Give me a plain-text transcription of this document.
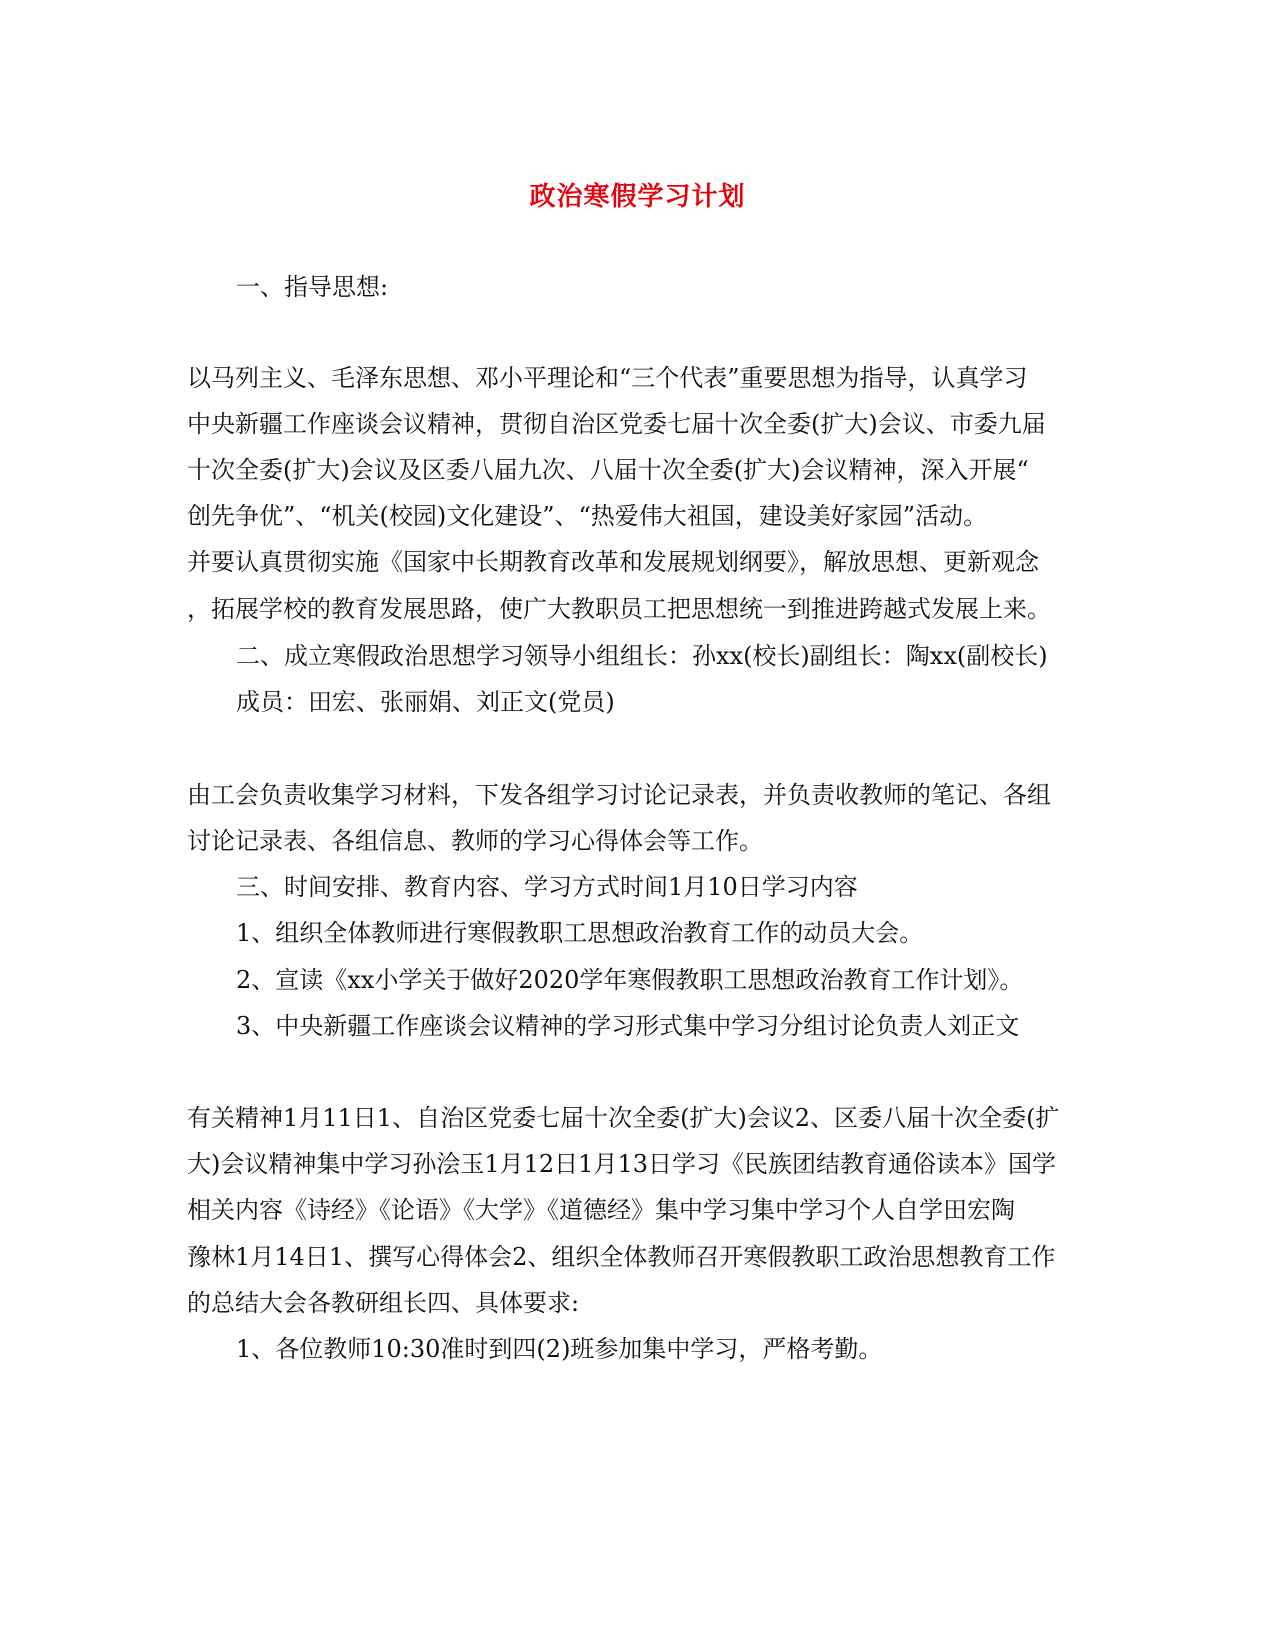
政治寒假学习计划
一、指导思想:
以马列主义、毛泽东思想、邓小平理论和“三个代表”重要思想为指导，认真学习
中央新疆工作座谈会议精神，贯彻自治区党委七届十次全委(扩大)会议、市委九届
十次全委(扩大)会议及区委八届九次、八届十次全委(扩大)会议精神，深入开展“
创先争优”、“机关(校园)文化建设”、“热爱伟大祖国，建设美好家园”活动。
并要认真贯彻实施《国家中长期教育改革和发展规划纲要》，解放思想、更新观念
，拓展学校的教育发展思路，使广大教职员工把思想统一到推进跨越式发展上来。
二、成立寒假政治思想学习领导小组组长：孙xx(校长)副组长：陶xx(副校长)
成员：田宏、张丽娟、刘正文(党员)
由工会负责收集学习材料，下发各组学习讨论记录表，并负责收教师的笔记、各组
讨论记录表、各组信息、教师的学习心得体会等工作。
三、时间安排、教育内容、学习方式时间1月10日学习内容
1、组织全体教师进行寒假教职工思想政治教育工作的动员大会。
2、宣读《xx小学关于做好2020学年寒假教职工思想政治教育工作计划》。
3、中央新疆工作座谈会议精神的学习形式集中学习分组讨论负责人刘正文
有关精神1月11日1、自治区党委七届十次全委(扩大)会议2、区委八届十次全委(扩
大)会议精神集中学习孙浍玉1月12日1月13日学习《民族团结教育通俗读本》国学
相关内容《诗经》《论语》《大学》《道德经》集中学习集中学习个人自学田宏陶
豫林1月14日1、撰写心得体会2、组织全体教师召开寒假教职工政治思想教育工作
的总结大会各教研组长四、具体要求:
1、各位教师10:30准时到四(2)班参加集中学习，严格考勤。
